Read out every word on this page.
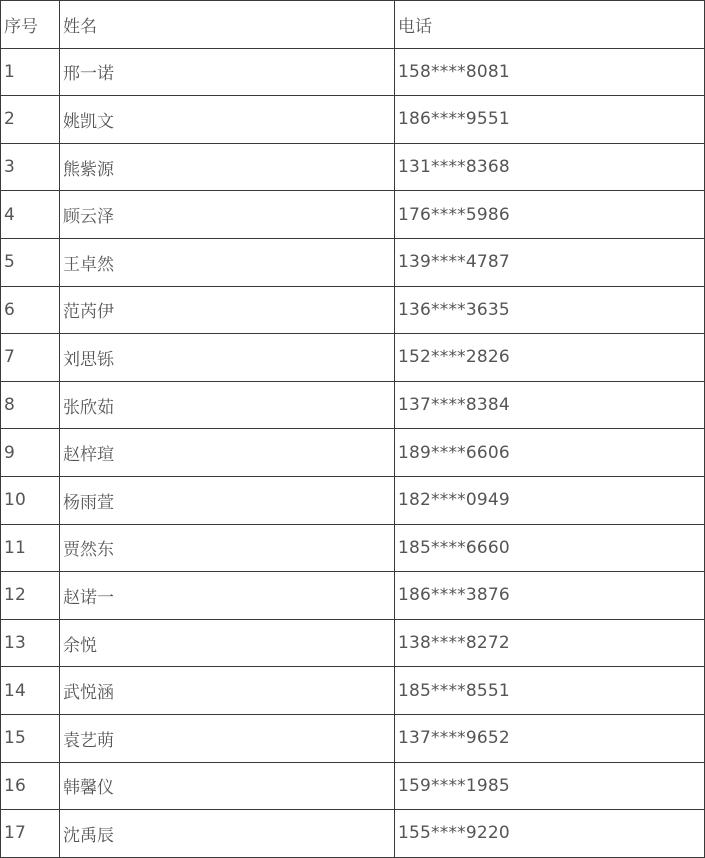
序号	姓名	电话
1	邢一诺	158****8081
2	姚凯文	186****9551
3	熊紫源	131****8368
4	顾云泽	176****5986
5	王卓然	139****4787
6	范芮伊	136****3635
7	刘思铄	152****2826
8	张欣茹	137****8384
9	赵梓瑄	189****6606
10	杨雨萱	182****0949
11	贾然东	185****6660
12	赵诺一	186****3876
13	余悦	138****8272
14	武悦涵	185****8551
15	袁艺萌	137****9652
16	韩馨仪	159****1985
17	沈禹辰	155****9220
